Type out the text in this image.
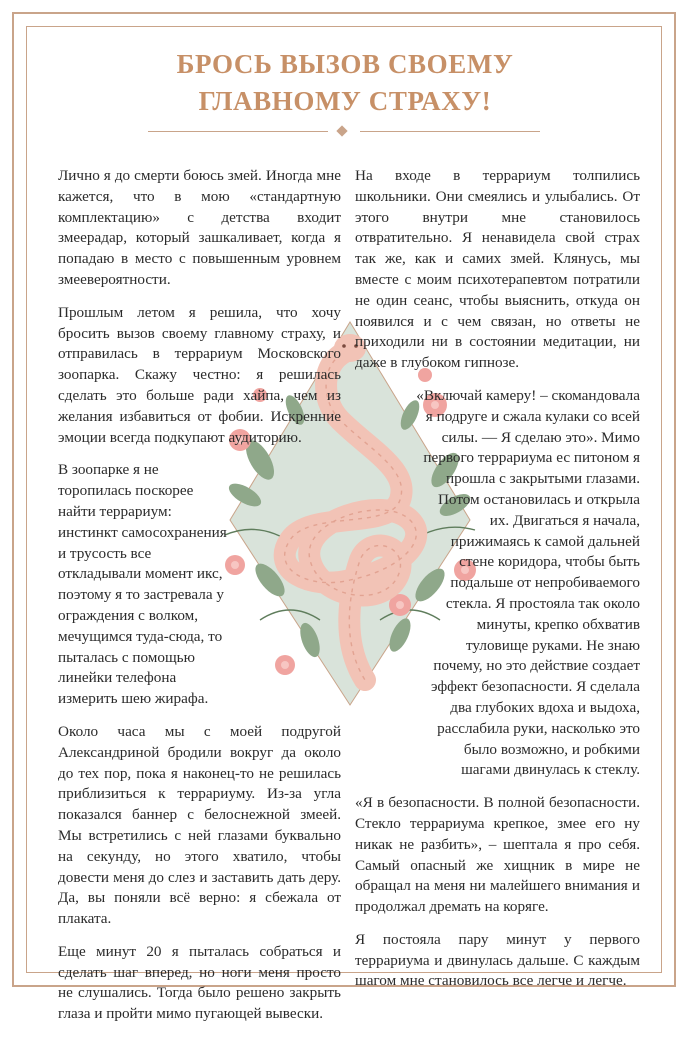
БРОСЬ ВЫЗОВ СВОЕМУ
ГЛАВНОМУ СТРАХУ!

Лично я до смерти боюсь змей. Иногда мне кажется, что в мою «стандартную комплектацию» с детства входит змеерадар, который зашкаливает, когда я попадаю в место с повышенным уровнем змеевероятности.

Прошлым летом я решила, что хочу бросить вызов своему главному страху, и отправилась в террариум Московского зоопарка. Скажу честно: я решилась сделать это больше ради хайпа, чем из желания избавиться от фобии. Искренние эмоции всегда подкупают аудиторию.

В зоопарке я не торопилась поскорее найти террариум: инстинкт самосохранения и трусость все откладывали момент икс, поэтому я то застревала у ограждения с волком, мечущимся туда-сюда, то пыталась с помощью линейки телефона измерить шею жирафа.

Около часа мы с моей подругой Александриной бродили вокруг да около до тех пор, пока я наконец-то не решилась приблизиться к террариуму. Из-за угла показался баннер с белоснежной змеей. Мы встретились с ней глазами буквально на секунду, но этого хватило, чтобы довести меня до слез и заставить дать деру. Да, вы поняли всё верно: я сбежала от плаката.

Еще минут 20 я пыталась собраться и сделать шаг вперед, но ноги меня просто не слушались. Тогда было решено закрыть глаза и пройти мимо пугающей вывески.

На входе в террариум толпились школьники. Они смеялись и улыбались. От этого внутри мне становилось отвратительно. Я ненавидела свой страх так же, как и самих змей. Клянусь, мы вместе с моим психотерапевтом потратили не один сеанс, чтобы выяснить, откуда он появился и с чем связан, но ответы не приходили ни в состоянии медитации, ни даже в глубоком гипнозе.

«Включай камеру! – скомандовала я подруге и сжала кулаки со всей силы. — Я сделаю это». Мимо первого террариума ес питоном я прошла с закрытыми глазами. Потом остановилась и открыла их. Двигаться я начала, прижимаясь к самой дальней стене коридора, чтобы быть подальше от непробиваемого стекла. Я простояла так около минуты, крепко обхватив туловище руками. Не знаю почему, но это действие создает эффект безопасности. Я сделала два глубоких вдоха и выдоха, расслабила руки, насколько это было возможно, и робкими шагами двинулась к стеклу.

«Я в безопасности. В полной безопасности. Стекло террариума крепкое, змее его ну никак не разбить», – шептала я про себя. Самый опасный же хищник в мире не обращал на меня ни малейшего внимания и продолжал дремать на коряге.

Я постояла пару минут у первого террариума и двинулась дальше. С каждым шагом мне становилось все легче и легче.
